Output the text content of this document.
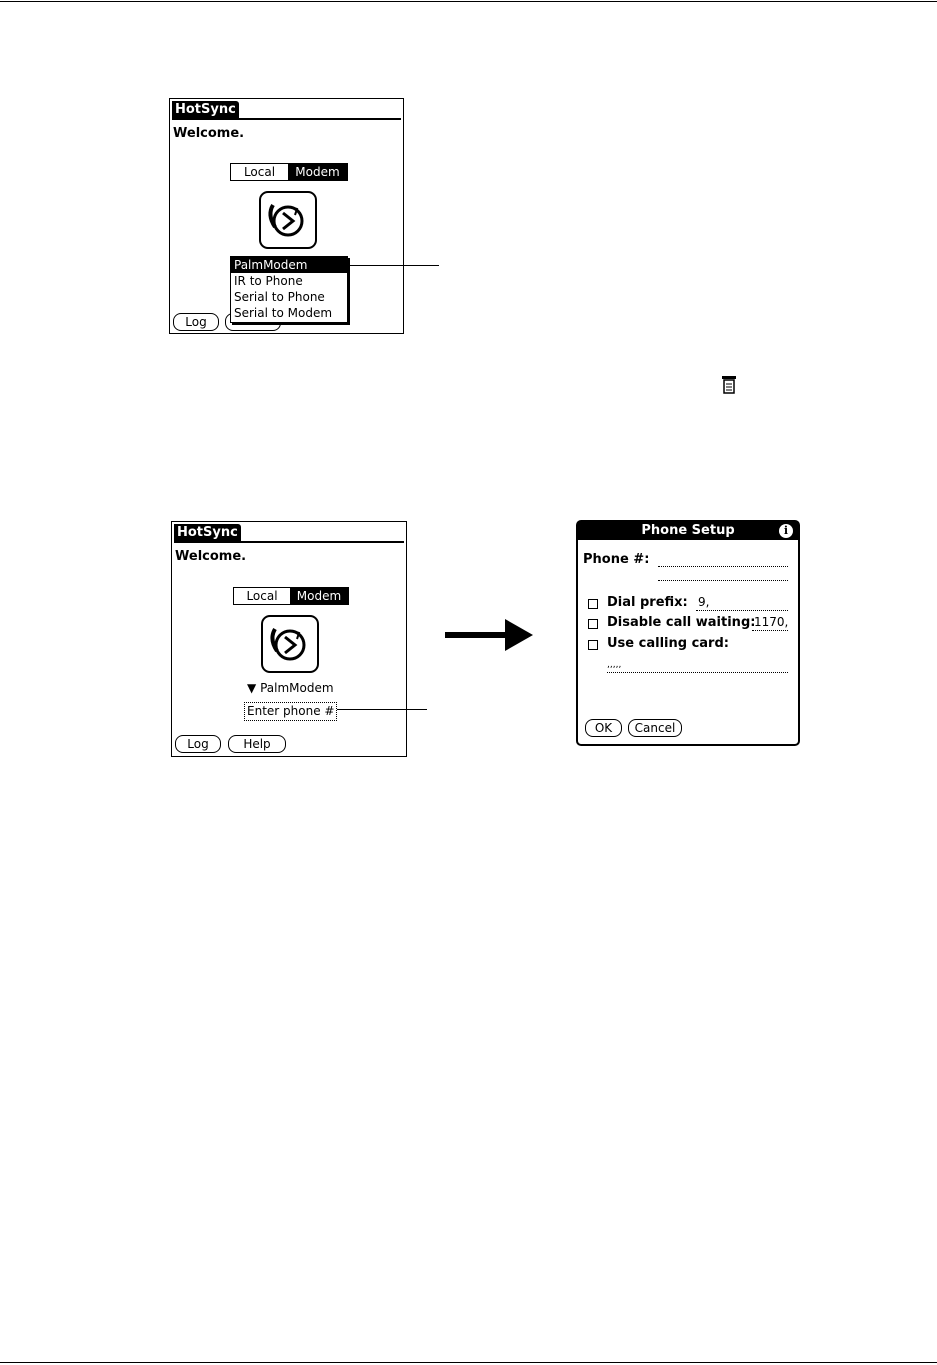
HotSync
Welcome.
Local	Modem
Log
PalmModem
IR to Phone
Serial to Phone
Serial to Modem
HotSync
Welcome.
Local	Modem
▼ PalmModem
Enter phone #
Log	Help
Phone Setup	i
Phone #:
Dial prefix: 9,
Disable call waiting:
1170,
Use calling card:
,,,,,
OK	Cancel
